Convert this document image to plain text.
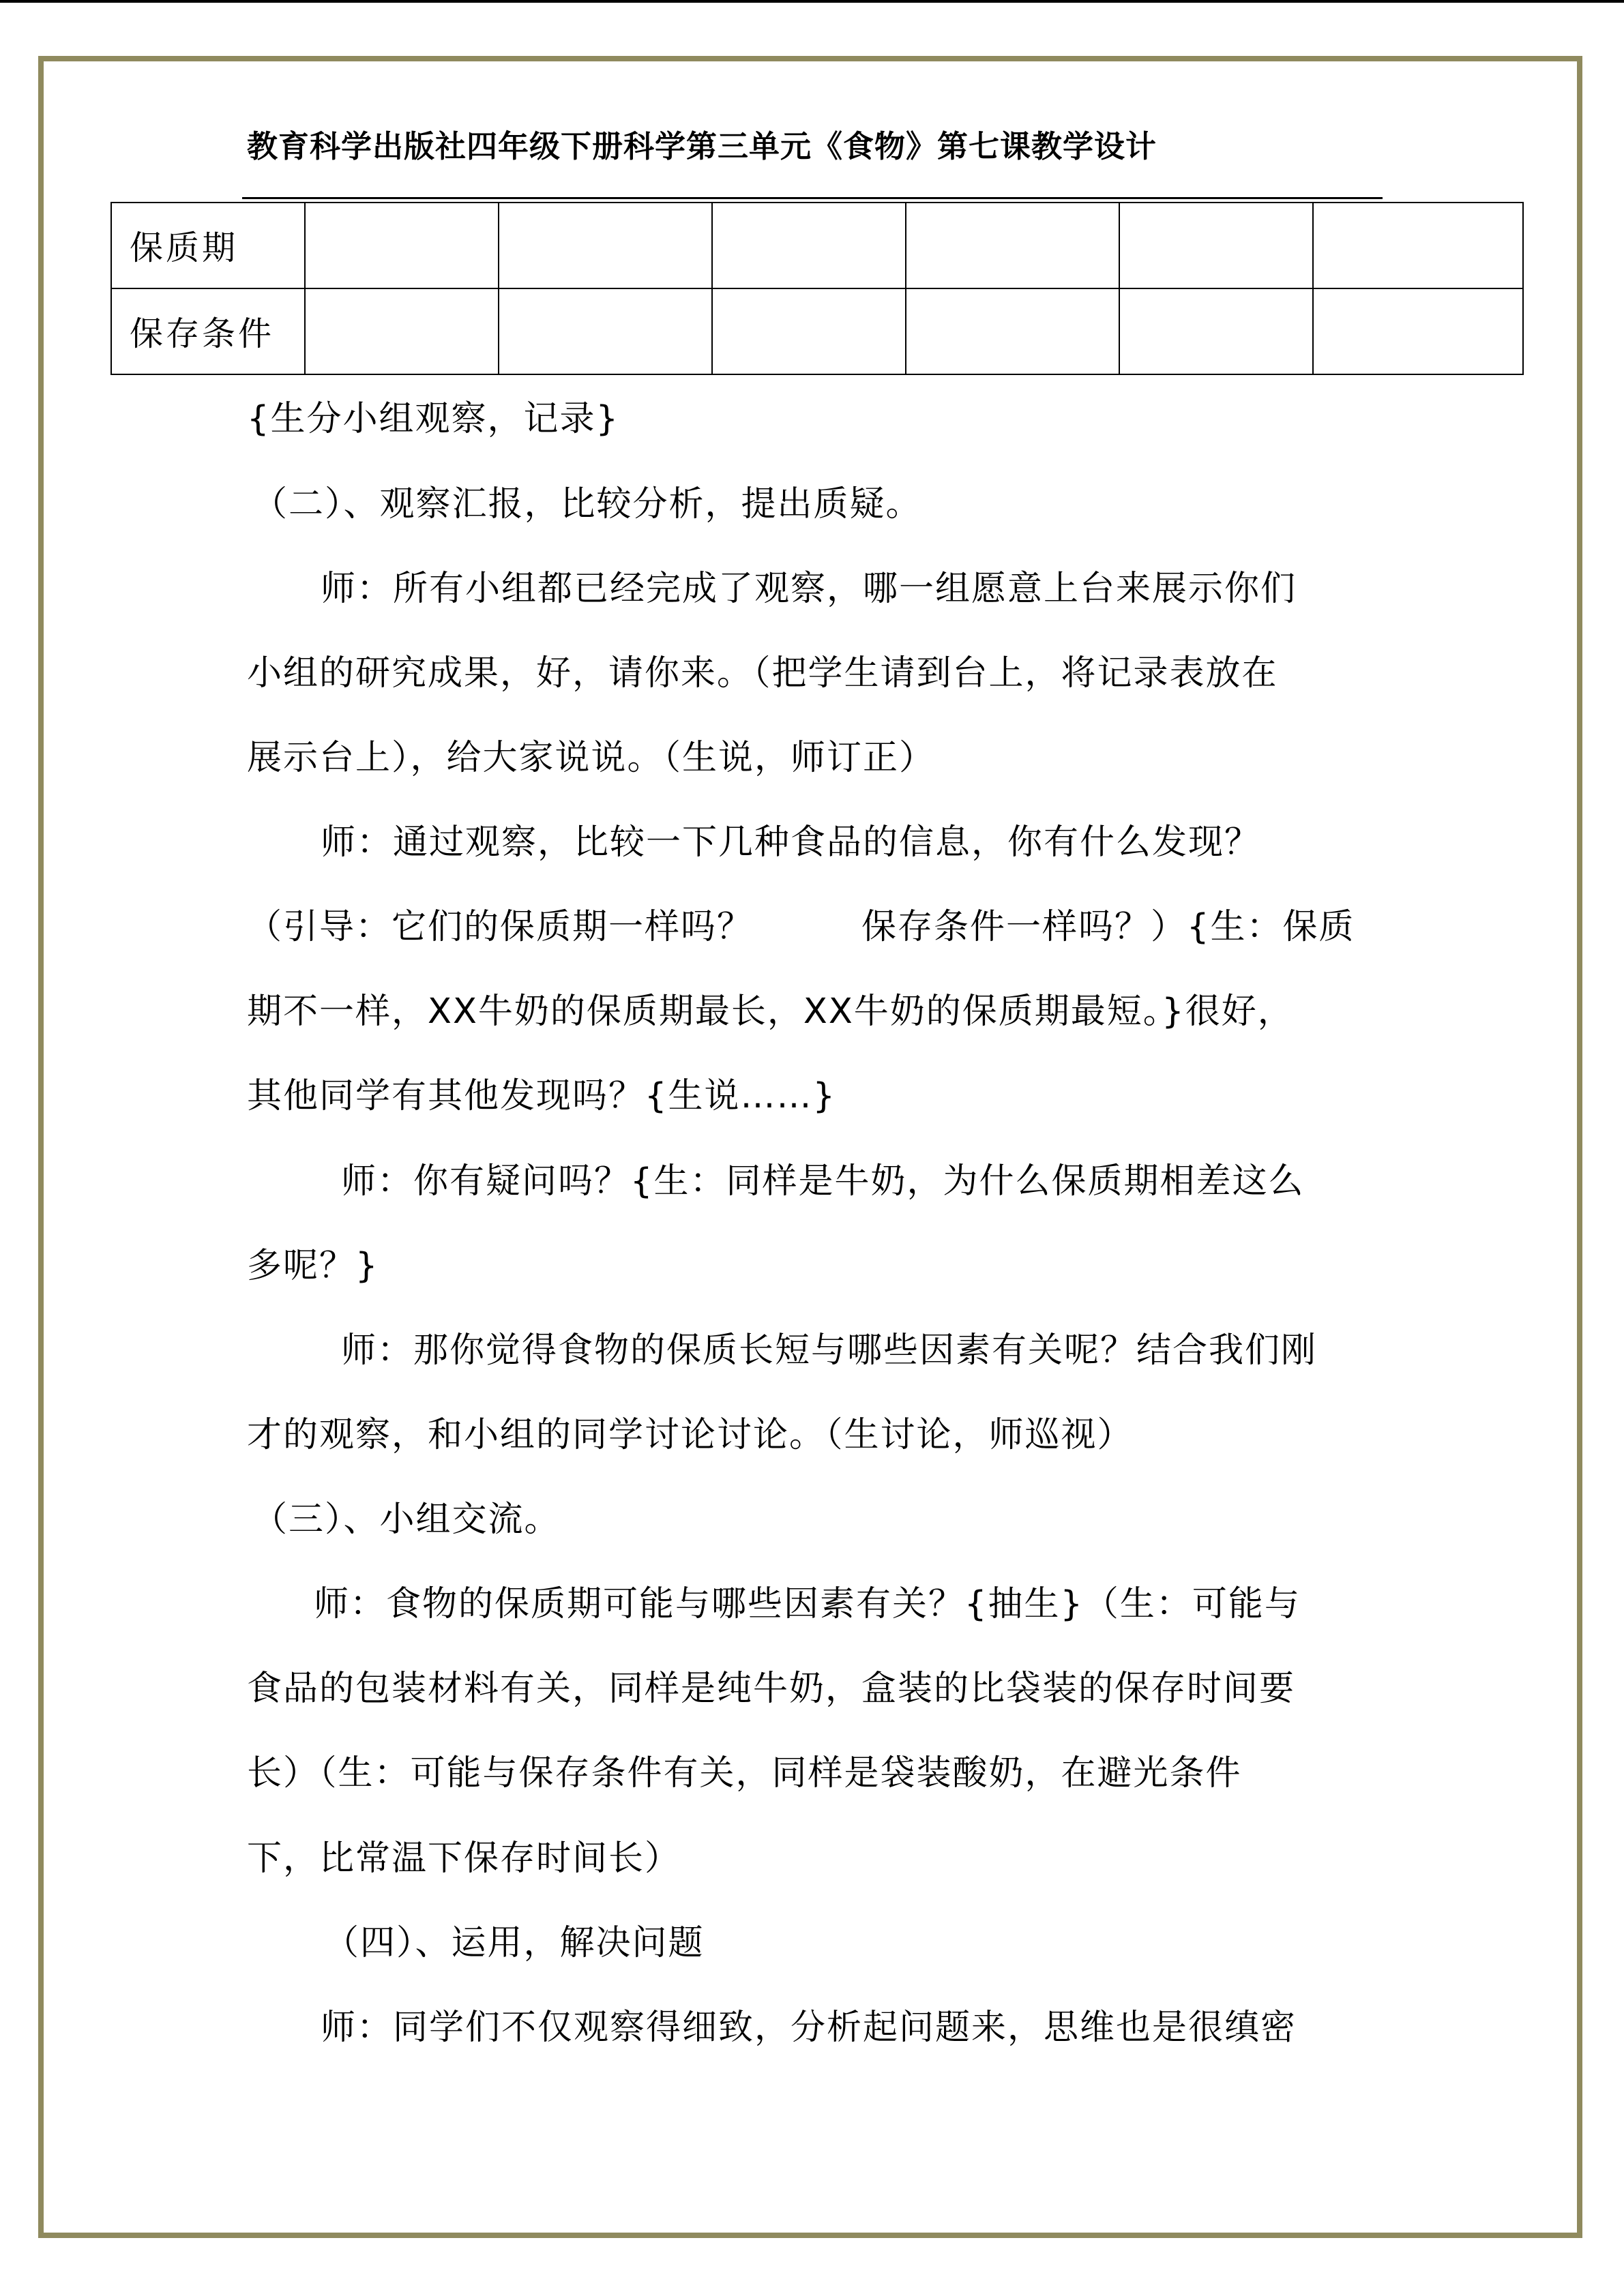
教育科学出版社四年级下册科学第三单元《食物》第七课教学设计
保质期						
保存条件						

{生分小组观察，记录}

（二）、观察汇报，比较分析，提出质疑。

师：所有小组都已经完成了观察，哪一组愿意上台来展示你们

小组的研究成果，好，请你来。（把学生请到台上，将记录表放在

展示台上），给大家说说。（生说，师订正）

师：通过观察，比较一下几种食品的信息，你有什么发现？

（引导：它们的保质期一样吗？　　　保存条件一样吗？）{生：保质

期不一样，XX牛奶的保质期最长，XX牛奶的保质期最短。}很好，

其他同学有其他发现吗？{生说……}

师：你有疑问吗？{生：同样是牛奶，为什么保质期相差这么

多呢？}

师：那你觉得食物的保质长短与哪些因素有关呢？结合我们刚

才的观察，和小组的同学讨论讨论。（生讨论，师巡视）

（三）、小组交流。

师：食物的保质期可能与哪些因素有关？{抽生}（生：可能与

食品的包装材料有关，同样是纯牛奶，盒装的比袋装的保存时间要

长）（生：可能与保存条件有关，同样是袋装酸奶，在避光条件

下，比常温下保存时间长）

（四）、运用，解决问题

师：同学们不仅观察得细致，分析起问题来，思维也是很缜密
